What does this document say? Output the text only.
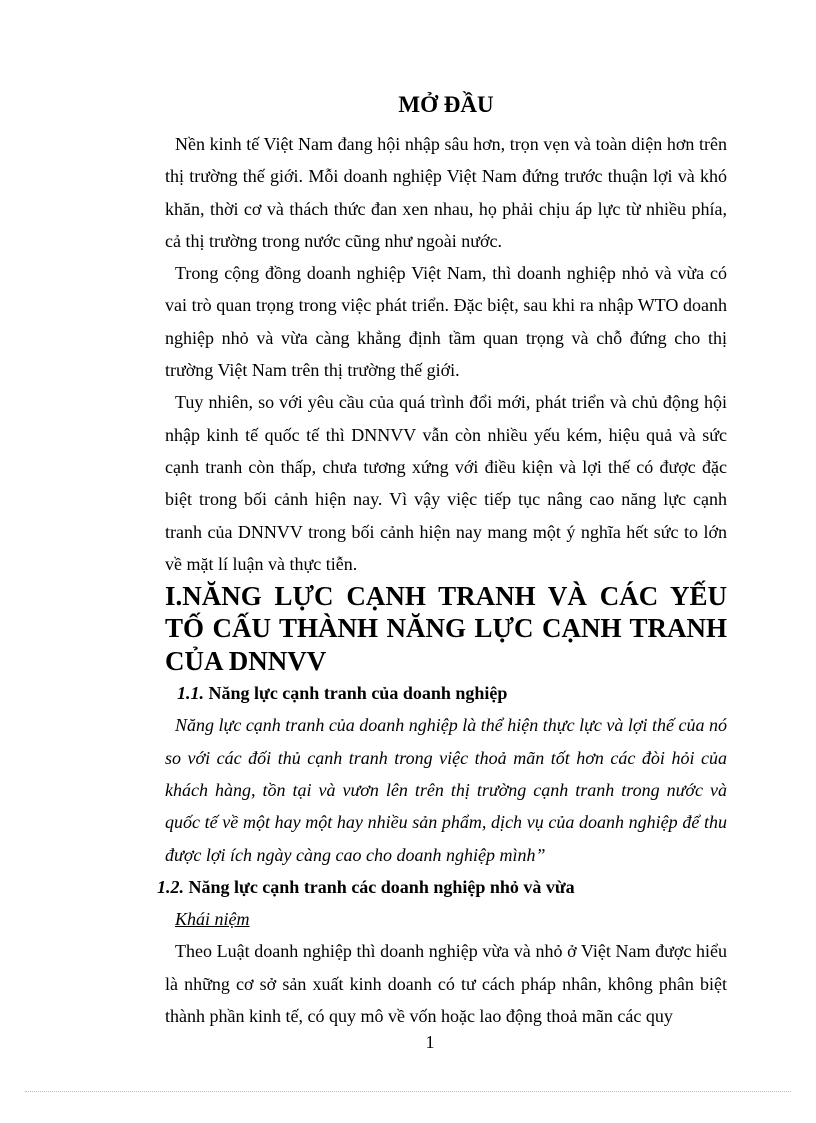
MỞ ĐẦU

Nền kinh tế Việt Nam đang hội nhập sâu hơn, trọn vẹn và toàn diện hơn trên thị trường thế giới. Mỗi doanh nghiệp Việt Nam đứng trước thuận lợi và khó khăn, thời cơ và thách thức đan xen nhau, họ phải chịu áp lực từ nhiều phía, cả thị trường trong nước cũng như ngoài nước.

Trong cộng đồng doanh nghiệp Việt Nam, thì doanh nghiệp nhỏ và vừa có vai trò quan trọng trong việc phát triển. Đặc biệt, sau khi ra nhập WTO doanh nghiệp nhỏ và vừa càng khẳng định tầm quan trọng và chỗ đứng cho thị trường Việt Nam trên thị trường thế giới.

Tuy nhiên, so với yêu cầu của quá trình đổi mới, phát triển và chủ động hội nhập kinh tế quốc tế thì DNNVV vẫn còn nhiều yếu kém, hiệu quả và sức cạnh tranh còn thấp, chưa tương xứng với điều kiện và lợi thế có được đặc biệt trong bối cảnh hiện nay. Vì vậy việc tiếp tục nâng cao năng lực cạnh tranh của DNNVV trong bối cảnh hiện nay mang một ý nghĩa hết sức to lớn về mặt lí luận và thực tiễn.

I.NĂNG LỰC CẠNH TRANH VÀ CÁC YẾU TỐ CẤU THÀNH NĂNG LỰC CẠNH TRANH CỦA DNNVV
1.1. Năng lực cạnh tranh của doanh nghiệp

Năng lực cạnh tranh của doanh nghiệp là thể hiện thực lực và lợi thế của nó so với các đối thủ cạnh tranh trong việc thoả mãn tốt hơn các đòi hỏi của khách hàng, tồn tại và vươn lên trên thị trường cạnh tranh trong nước và quốc tế về một hay một hay nhiều sản phẩm, dịch vụ của doanh nghiệp để thu được lợi ích ngày càng cao cho doanh nghiệp mình”

1.2. Năng lực cạnh tranh các doanh nghiệp nhỏ và vừa
Khái niệm

Theo Luật doanh nghiệp thì doanh nghiệp vừa và nhỏ ở Việt Nam được hiểu là những cơ sở sản xuất kinh doanh có tư cách pháp nhân, không phân biệt thành phần kinh tế, có quy mô về vốn hoặc lao động thoả mãn các quy

1
